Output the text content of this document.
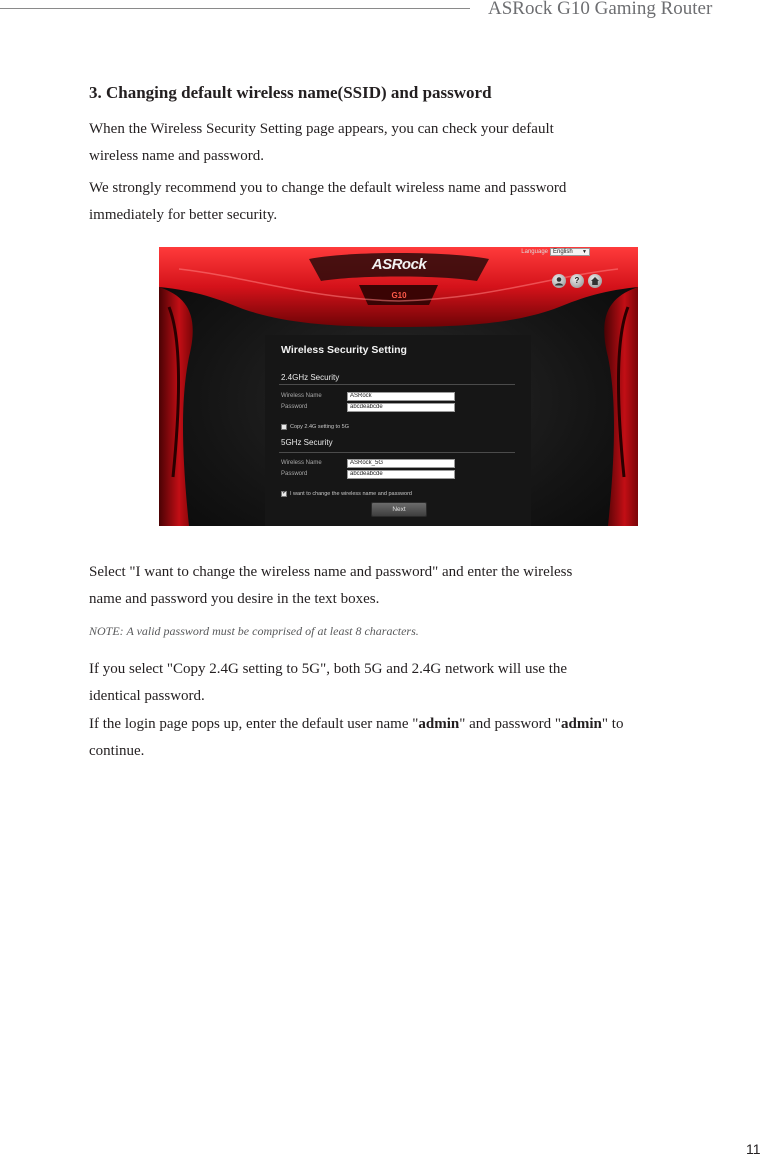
ASRock G10 Gaming Router
3. Changing default wireless name(SSID) and password
When the Wireless Security Setting page appears, you can check your default
wireless name and password.
We strongly recommend you to change the default wireless name and password
immediately for better security.
Language English ▼
ASRock
G10
?
Wireless Security Setting
2.4GHz Security
Wireless Name	ASRock
Password	abcdeabcde
Copy 2.4G setting to 5G
5GHz Security
Wireless Name	ASRock_5G
Password	abcdeabcde
✓
I want to change the wireless name and password
Next
Select "I want to change the wireless name and password" and enter the wireless
name and password you desire in the text boxes.
NOTE: A valid password must be comprised of at least 8 characters.
If you select "Copy 2.4G setting to 5G", both 5G and 2.4G network will use the
identical password.
If the login page pops up, enter the default user name "admin" and password "admin" to
continue.
11
